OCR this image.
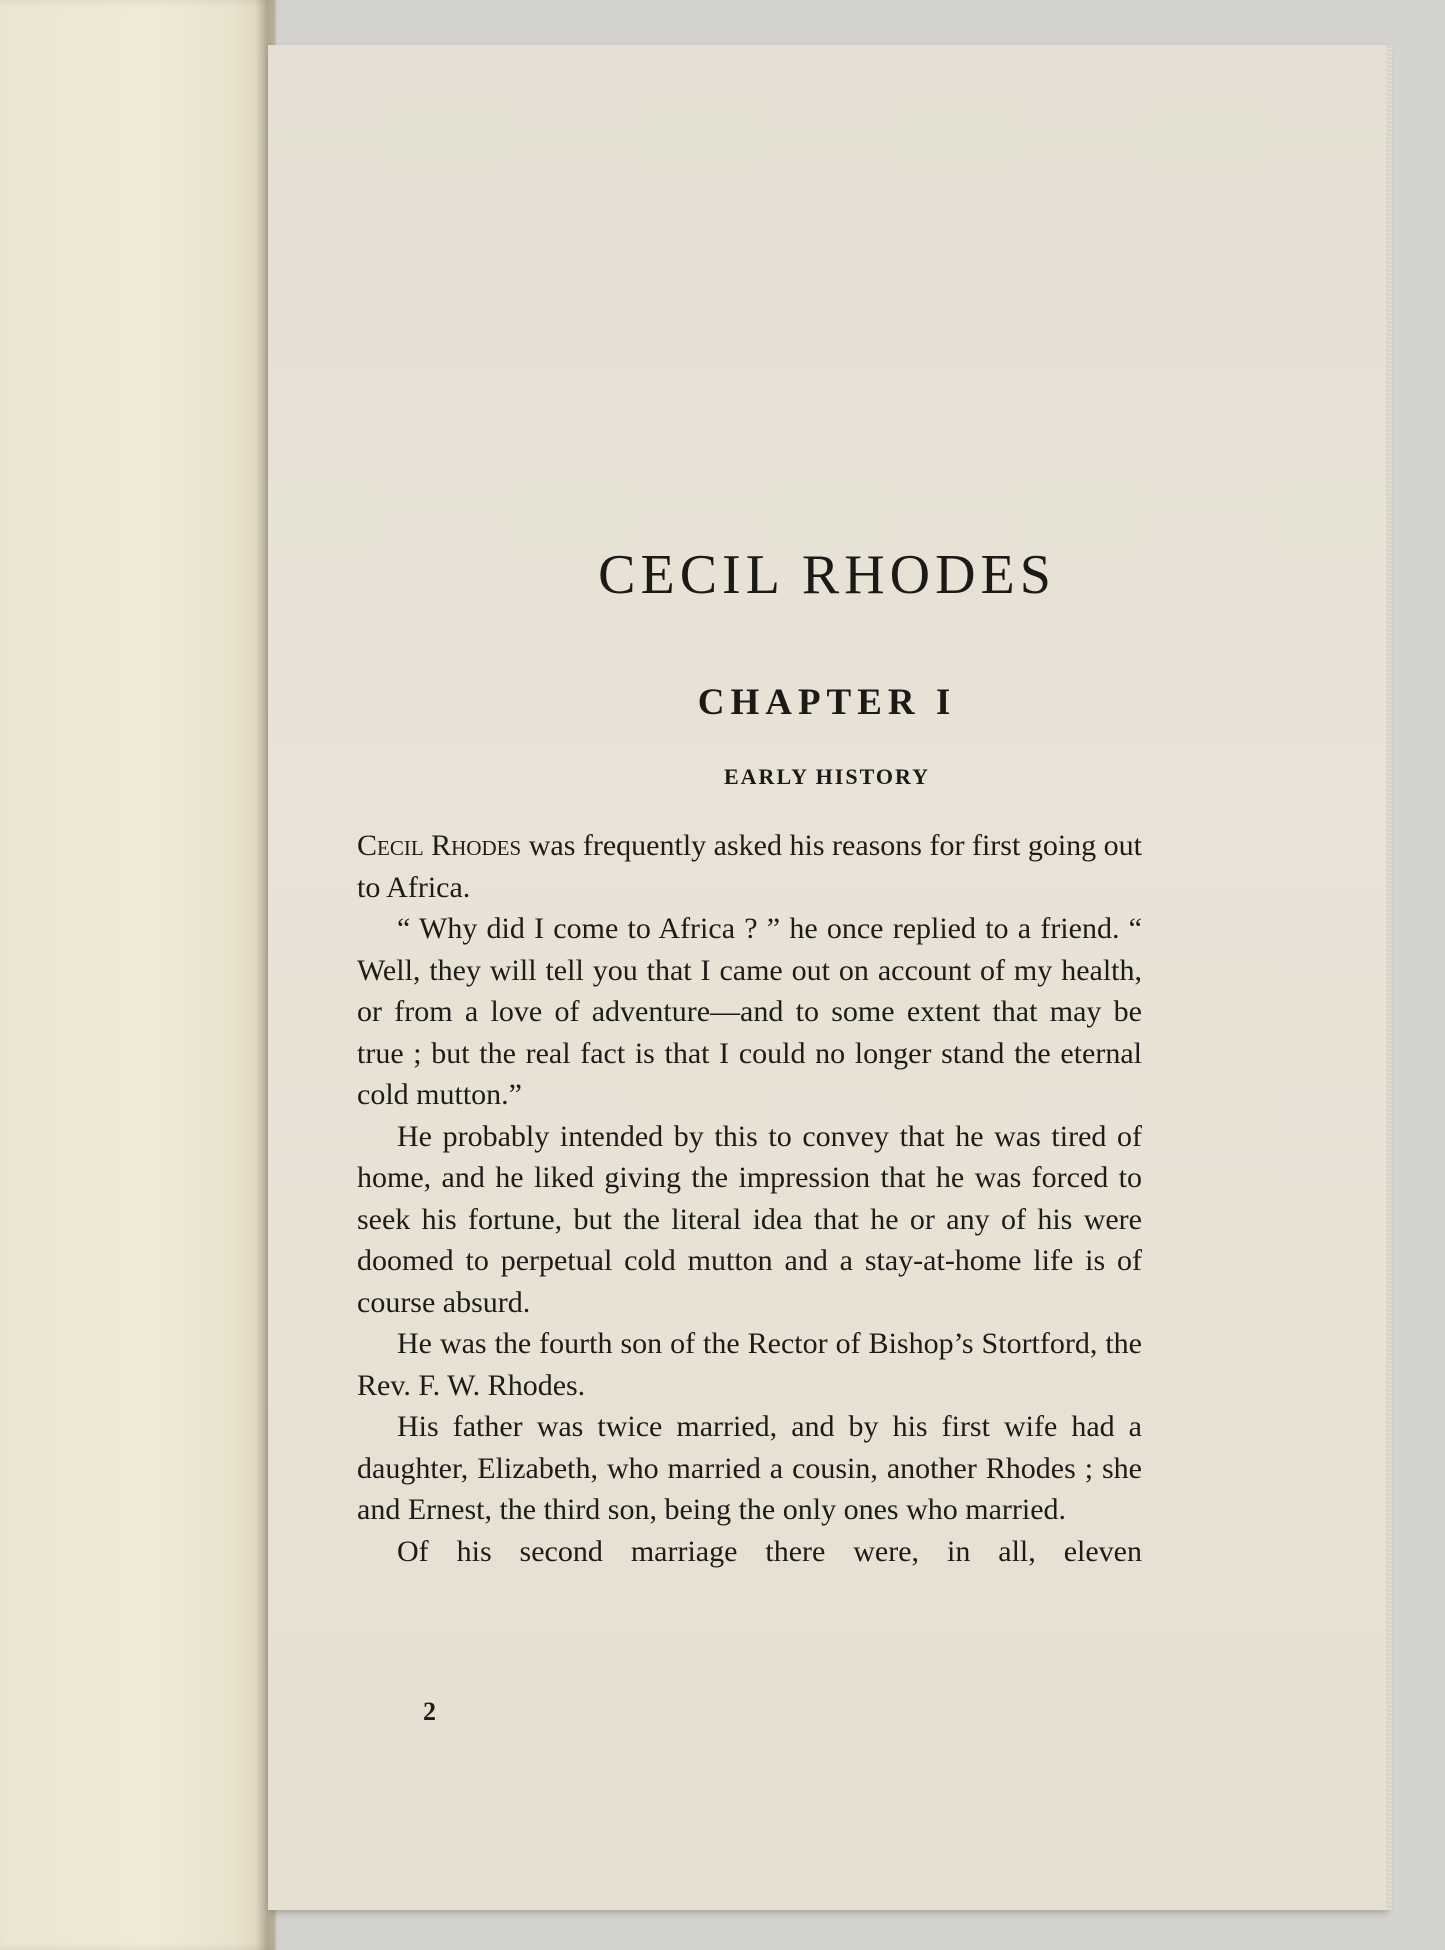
CECIL RHODES
CHAPTER I
EARLY HISTORY

Cecil Rhodes was frequently asked his reasons for first going out to Africa.

“ Why did I come to Africa ? ” he once replied to a friend. “ Well, they will tell you that I came out on account of my health, or from a love of adventure—and to some extent that may be true ; but the real fact is that I could no longer stand the eternal cold mutton.”

He probably intended by this to convey that he was tired of home, and he liked giving the impression that he was forced to seek his fortune, but the literal idea that he or any of his were doomed to perpetual cold mutton and a stay-at-home life is of course absurd.

He was the fourth son of the Rector of Bishop’s Stortford, the Rev. F. W. Rhodes.

His father was twice married, and by his first wife had a daughter, Elizabeth, who married a cousin, another Rhodes ; she and Ernest, the third son, being the only ones who married.

Of his second marriage there were, in all, eleven

2
